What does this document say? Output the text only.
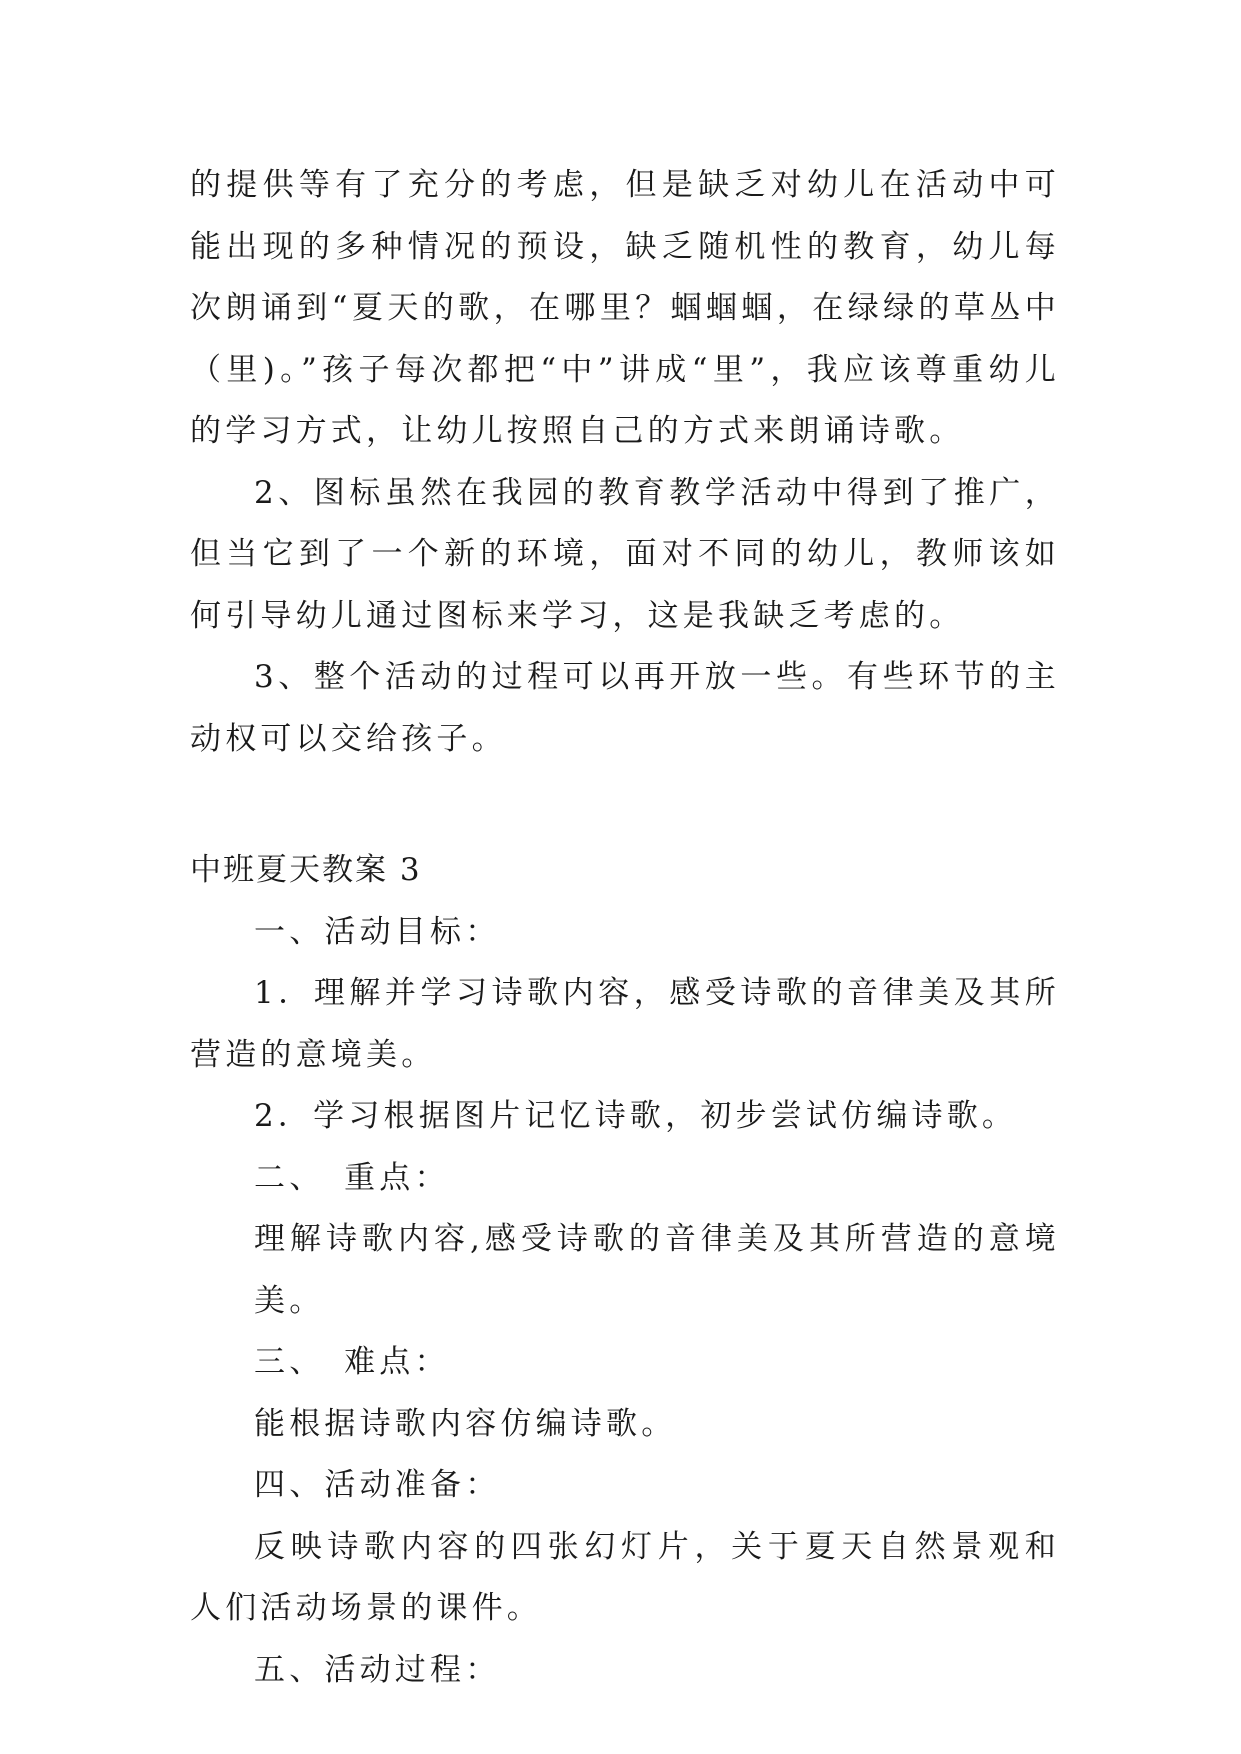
的提供等有了充分的考虑，但是缺乏对幼儿在活动中可能出现的多种情况的预设，缺乏随机性的教育，幼儿每次朗诵到“夏天的歌，在哪里？蝈蝈蝈，在绿绿的草丛中（里)。”孩子每次都把“中”讲成“里”，我应该尊重幼儿的学习方式，让幼儿按照自己的方式来朗诵诗歌。

2、图标虽然在我园的教育教学活动中得到了推广，但当它到了一个新的环境，面对不同的幼儿，教师该如何引导幼儿通过图标来学习，这是我缺乏考虑的。

3、整个活动的过程可以再开放一些。有些环节的主动权可以交给孩子。

中班夏天教案 3

一、活动目标：

1．理解并学习诗歌内容，感受诗歌的音律美及其所营造的意境美。

2．学习根据图片记忆诗歌，初步尝试仿编诗歌。

二、　重点：

理解诗歌内容,感受诗歌的音律美及其所营造的意境美。

三、　难点：

能根据诗歌内容仿编诗歌。

四、活动准备：

反映诗歌内容的四张幻灯片，关于夏天自然景观和人们活动场景的课件。

五、活动过程：
